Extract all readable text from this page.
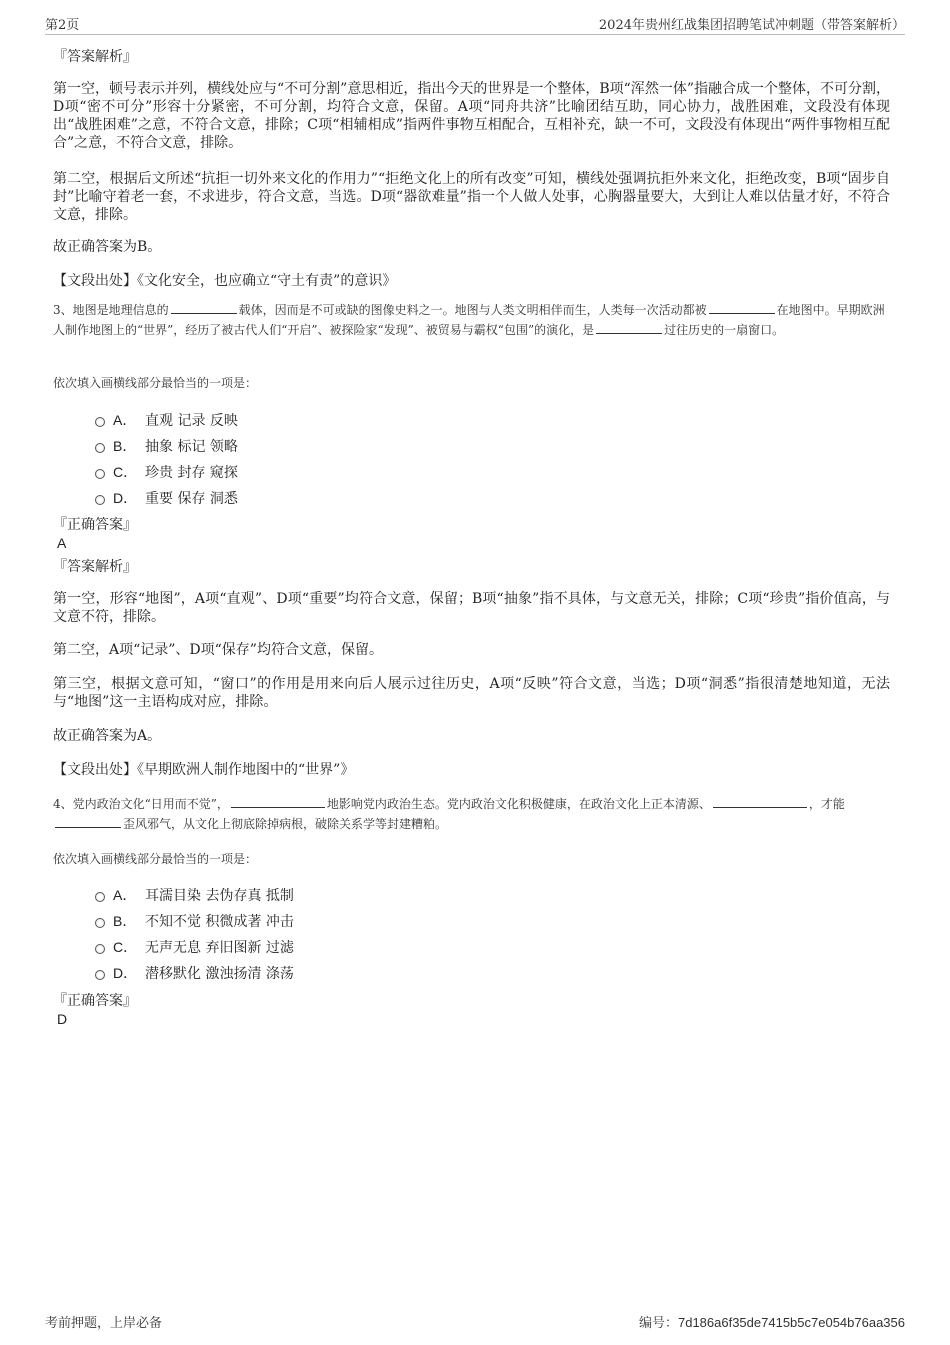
第2页	2024年贵州红战集团招聘笔试冲刺题（带答案解析）
『答案解析』
第一空，顿号表示并列，横线处应与“不可分割”意思相近，指出今天的世界是一个整体，B项“浑然一体”指融合成一个整体，不可分割，D项“密不可分”形容十分紧密，不可分割，均符合文意，保留。A项“同舟共济”比喻团结互助，同心协力，战胜困难，文段没有体现出“战胜困难”之意，不符合文意，排除；C项“相辅相成”指两件事物互相配合，互相补充，缺一不可，文段没有体现出“两件事物相互配合”之意，不符合文意，排除。
第二空，根据后文所述“抗拒一切外来文化的作用力”“拒绝文化上的所有改变”可知，横线处强调抗拒外来文化，拒绝改变，B项“固步自封”比喻守着老一套，不求进步，符合文意，当选。D项“器欲难量”指一个人做人处事，心胸器量要大，大到让人难以估量才好，不符合文意，排除。
故正确答案为B。
【文段出处】《文化安全，也应确立“守土有责”的意识》
3、地图是地理信息的	载体，因而是不可或缺的图像史料之一。地图与人类文明相伴而生，人类每一次活动都被	在地图中。早期欧洲人制作地图上的“世界”，经历了被古代人们“开启”、被探险家“发现”、被贸易与霸权“包围”的演化，是	过往历史的一扇窗口。
依次填入画横线部分最恰当的一项是：
A． 直观 记录 反映
B． 抽象 标记 领略
C． 珍贵 封存 窥探
D． 重要 保存 洞悉
『正确答案』
A
『答案解析』
第一空，形容“地图”，A项“直观”、D项“重要”均符合文意，保留；B项“抽象”指不具体，与文意无关，排除；C项“珍贵”指价值高，与文意不符，排除。
第二空，A项“记录”、D项“保存”均符合文意，保留。
第三空，根据文意可知，“窗口”的作用是用来向后人展示过往历史，A项“反映”符合文意，当选；D项“洞悉”指很清楚地知道，无法与“地图”这一主语构成对应，排除。
故正确答案为A。
【文段出处】《早期欧洲人制作地图中的“世界”》
4、党内政治文化“日用而不觉”，	地影响党内政治生态。党内政治文化积极健康，在政治文化上正本清源、	，才能歪风邪气，从文化上彻底除掉病根，破除关系学等封建糟粕。
依次填入画横线部分最恰当的一项是：
A． 耳濡目染 去伪存真 抵制
B． 不知不觉 积微成著 冲击
C． 无声无息 弃旧图新 过滤
D． 潜移默化 激浊扬清 涤荡
『正确答案』
D
考前押题，上岸必备	编号：7d186a6f35de7415b5c7e054b76aa356
